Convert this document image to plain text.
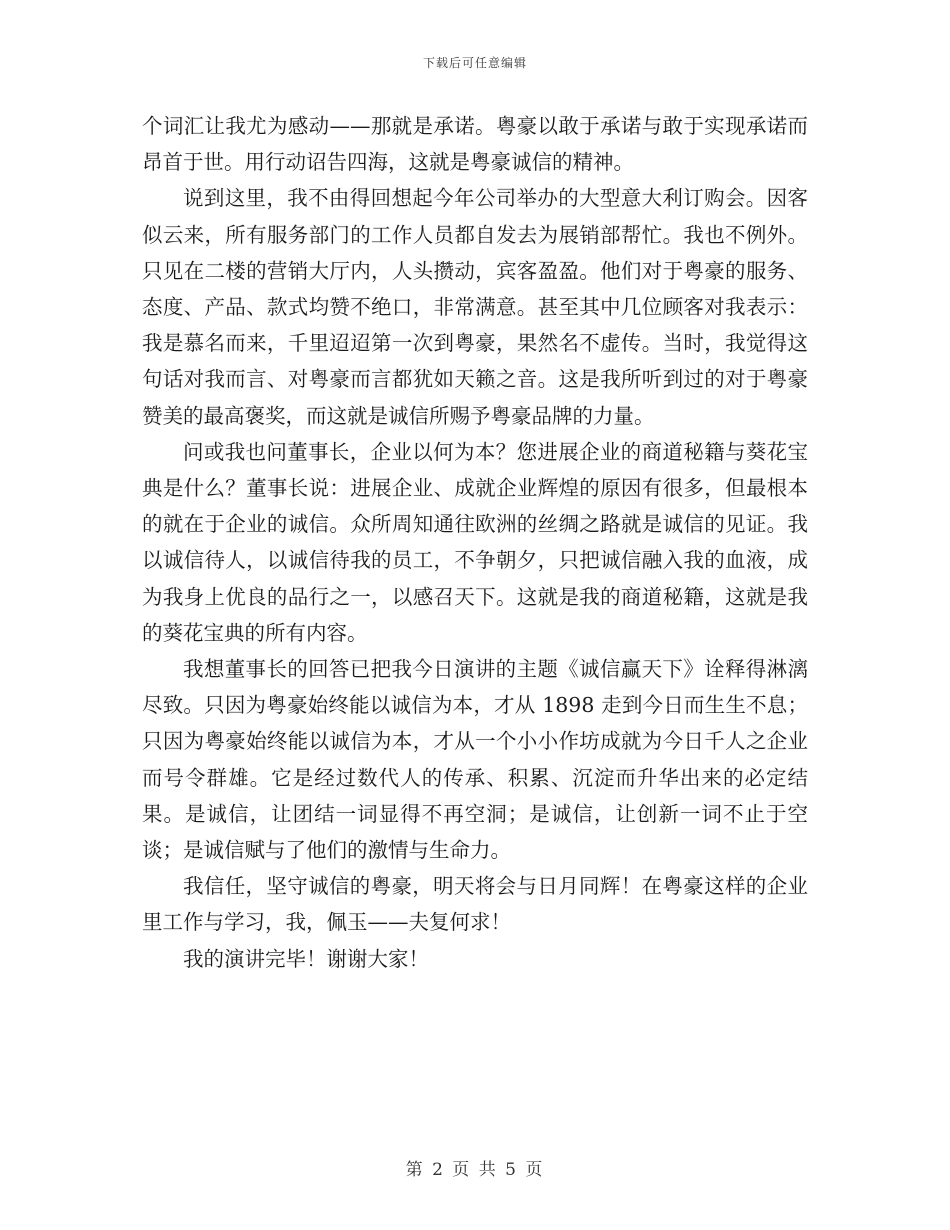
下载后可任意编辑

个词汇让我尤为感动——那就是承诺。粤豪以敢于承诺与敢于实现承诺而昂首于世。用行动诏告四海，这就是粤豪诚信的精神。

说到这里，我不由得回想起今年公司举办的大型意大利订购会。因客似云来，所有服务部门的工作人员都自发去为展销部帮忙。我也不例外。只见在二楼的营销大厅内，人头攒动，宾客盈盈。他们对于粤豪的服务、态度、产品、款式均赞不绝口，非常满意。甚至其中几位顾客对我表示：我是慕名而来，千里迢迢第一次到粤豪，果然名不虚传。当时，我觉得这句话对我而言、对粤豪而言都犹如天籁之音。这是我所听到过的对于粤豪赞美的最高褒奖，而这就是诚信所赐予粤豪品牌的力量。

问或我也问董事长，企业以何为本？您进展企业的商道秘籍与葵花宝典是什么？董事长说：进展企业、成就企业辉煌的原因有很多，但最根本的就在于企业的诚信。众所周知通往欧洲的丝绸之路就是诚信的见证。我以诚信待人，以诚信待我的员工，不争朝夕，只把诚信融入我的血液，成为我身上优良的品行之一，以感召天下。这就是我的商道秘籍，这就是我的葵花宝典的所有内容。

我想董事长的回答已把我今日演讲的主题《诚信赢天下》诠释得淋漓尽致。只因为粤豪始终能以诚信为本，才从 1898 走到今日而生生不息；只因为粤豪始终能以诚信为本，才从一个小小作坊成就为今日千人之企业而号令群雄。它是经过数代人的传承、积累、沉淀而升华出来的必定结果。是诚信，让团结一词显得不再空洞；是诚信，让创新一词不止于空谈；是诚信赋与了他们的激情与生命力。

我信任，坚守诚信的粤豪，明天将会与日月同辉！在粤豪这样的企业里工作与学习，我，佩玉——夫复何求！

我的演讲完毕！谢谢大家！

第 2 页 共 5 页
